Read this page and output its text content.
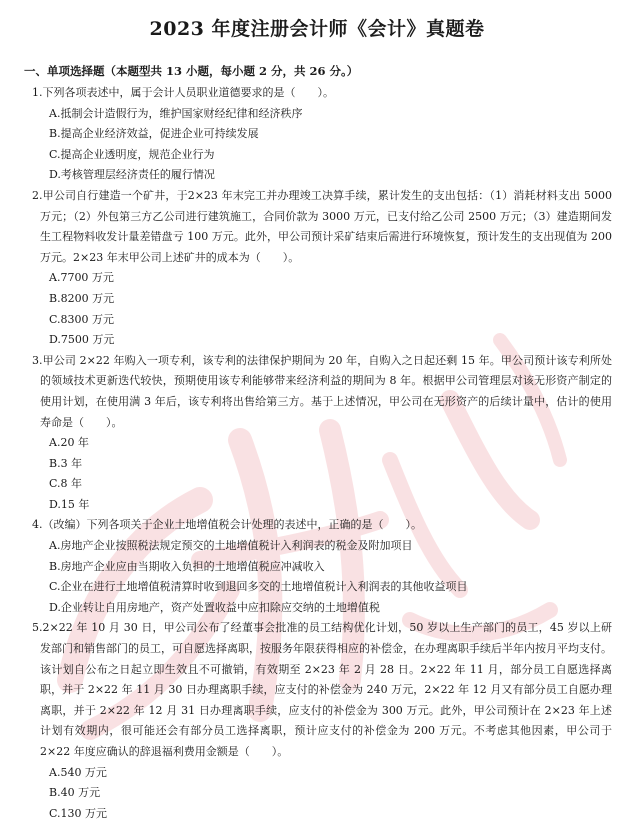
2023 年度注册会计师《会计》真题卷

一、单项选择题（本题型共 13 小题，每小题 2 分，共 26 分。）

1.下列各项表述中，属于会计人员职业道德要求的是（　　）。

A.抵制会计造假行为，维护国家财经纪律和经济秩序

B.提高企业经济效益，促进企业可持续发展

C.提高企业透明度，规范企业行为

D.考核管理层经济责任的履行情况

2.甲公司自行建造一个矿井，于2×23 年末完工并办理竣工决算手续，累计发生的支出包括：（1）消耗材料支出 5000 万元；（2）外包第三方乙公司进行建筑施工，合同价款为 3000 万元，已支付给乙公司 2500 万元；（3）建造期间发生工程物料收发计量差错盘亏 100 万元。此外，甲公司预计采矿结束后需进行环境恢复，预计发生的支出现值为 200 万元。2×23 年末甲公司上述矿井的成本为（　　）。

A.7700 万元

B.8200 万元

C.8300 万元

D.7500 万元

3.甲公司 2×22 年购入一项专利，该专利的法律保护期间为 20 年，自购入之日起还剩 15 年。甲公司预计该专利所处的领域技术更新迭代较快，预期使用该专利能够带来经济利益的期间为 8 年。根据甲公司管理层对该无形资产制定的使用计划，在使用满 3 年后，该专利将出售给第三方。基于上述情况，甲公司在无形资产的后续计量中，估计的使用寿命是（　　）。

A.20 年

B.3 年

C.8 年

D.15 年

4.（改编）下列各项关于企业土地增值税会计处理的表述中，正确的是（　　）。

A.房地产企业按照税法规定预交的土地增值税计入利润表的税金及附加项目

B.房地产企业应由当期收入负担的土地增值税应冲减收入

C.企业在进行土地增值税清算时收到退回多交的土地增值税计入利润表的其他收益项目

D.企业转让自用房地产，资产处置收益中应扣除应交纳的土地增值税

5.2×22 年 10 月 30 日，甲公司公布了经董事会批准的员工结构优化计划，50 岁以上生产部门的员工，45 岁以上研发部门和销售部门的员工，可自愿选择离职，按服务年限获得相应的补偿金，在办理离职手续后半年内按月平均支付。该计划自公布之日起立即生效且不可撤销，有效期至 2×23 年 2 月 28 日。2×22 年 11 月，部分员工自愿选择离职，并于 2×22 年 11 月 30 日办理离职手续，应支付的补偿金为 240 万元，2×22 年 12 月又有部分员工自愿办理离职，并于 2×22 年 12 月 31 日办理离职手续，应支付的补偿金为 300 万元。此外，甲公司预计在 2×23 年上述计划有效期内，很可能还会有部分员工选择离职，预计应支付的补偿金为 200 万元。不考虑其他因素，甲公司于 2×22 年度应确认的辞退福利费用金额是（　　）。

A.540 万元

B.40 万元

C.130 万元
